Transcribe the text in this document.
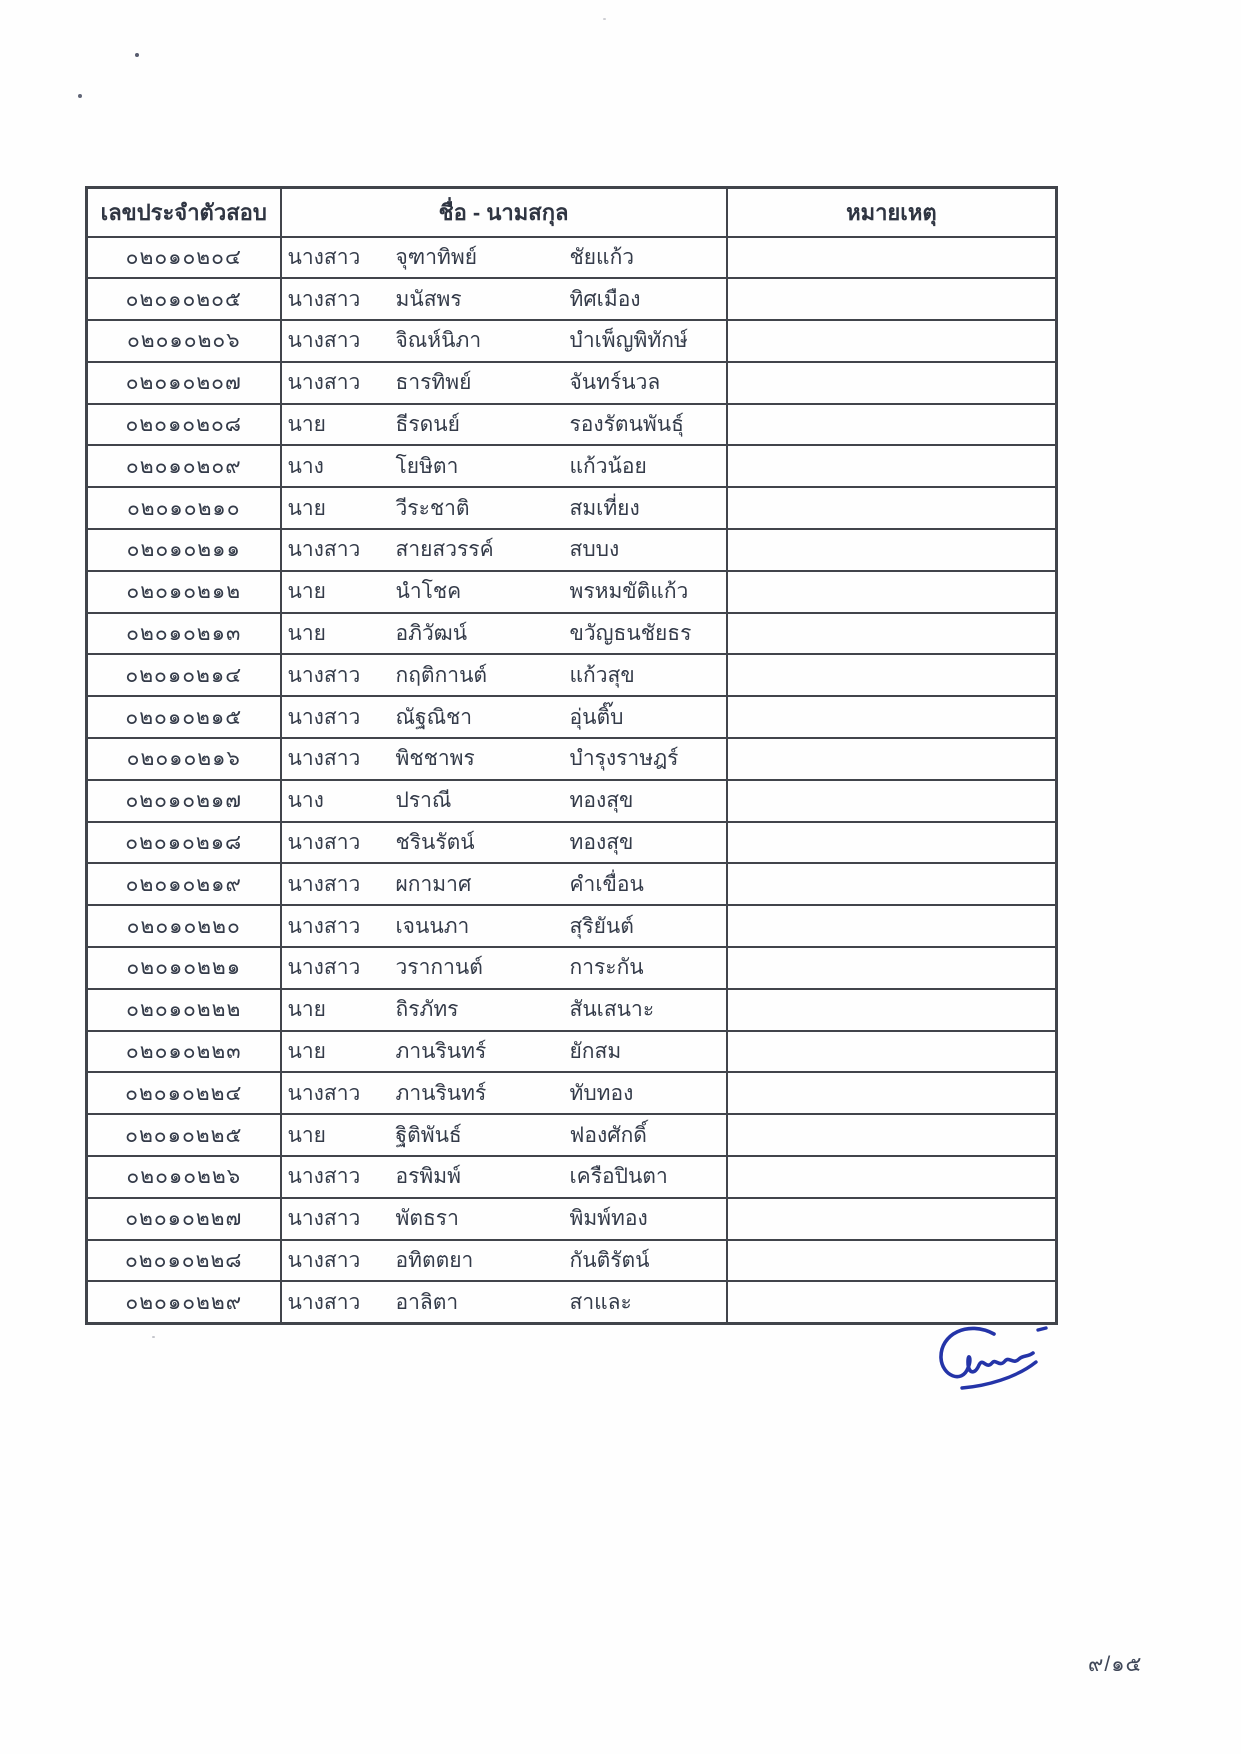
เลขประจำตัวสอบ	ชื่อ - นามสกุล	หมายเหตุ
๐๒๐๑๐๒๐๔	นางสาว จุฑาทิพย์ ชัยแก้ว	

๐๒๐๑๐๒๐๕	นางสาว มนัสพร ทิศเมือง	

๐๒๐๑๐๒๐๖	นางสาว จิณห์นิภา บำเพ็ญพิทักษ์	

๐๒๐๑๐๒๐๗	นางสาว ธารทิพย์ จันทร์นวล	

๐๒๐๑๐๒๐๘	นาย ธีรดนย์ รองรัตนพันธุ์	

๐๒๐๑๐๒๐๙	นาง โยษิตา แก้วน้อย	

๐๒๐๑๐๒๑๐	นาย วีระชาติ สมเที่ยง	

๐๒๐๑๐๒๑๑	นางสาว สายสวรรค์ สบบง	

๐๒๐๑๐๒๑๒	นาย นำโชค พรหมขัติแก้ว	

๐๒๐๑๐๒๑๓	นาย อภิวัฒน์ ขวัญธนชัยธร	

๐๒๐๑๐๒๑๔	นางสาว กฤติกานต์ แก้วสุข	

๐๒๐๑๐๒๑๕	นางสาว ณัฐณิชา อุ่นติ๊บ	

๐๒๐๑๐๒๑๖	นางสาว พิชชาพร บำรุงราษฎร์	

๐๒๐๑๐๒๑๗	นาง ปราณี ทองสุข	

๐๒๐๑๐๒๑๘	นางสาว ชรินรัตน์ ทองสุข	

๐๒๐๑๐๒๑๙	นางสาว ผกามาศ คำเขื่อน	

๐๒๐๑๐๒๒๐	นางสาว เจนนภา สุริยันต์	

๐๒๐๑๐๒๒๑	นางสาว วรากานต์ การะกัน	

๐๒๐๑๐๒๒๒	นาย ถิรภัทร สันเสนาะ	

๐๒๐๑๐๒๒๓	นาย ภานรินทร์ ยักสม	

๐๒๐๑๐๒๒๔	นางสาว ภานรินทร์ ทับทอง	

๐๒๐๑๐๒๒๕	นาย ฐิติพันธ์ ฟองศักดิ์	

๐๒๐๑๐๒๒๖	นางสาว อรพิมพ์ เครือปินตา	

๐๒๐๑๐๒๒๗	นางสาว พัตธรา พิมพ์ทอง	

๐๒๐๑๐๒๒๘	นางสาว อทิตตยา กันติรัตน์	

๐๒๐๑๐๒๒๙	นางสาว อาลิตา สาและ	

๙/๑๕
